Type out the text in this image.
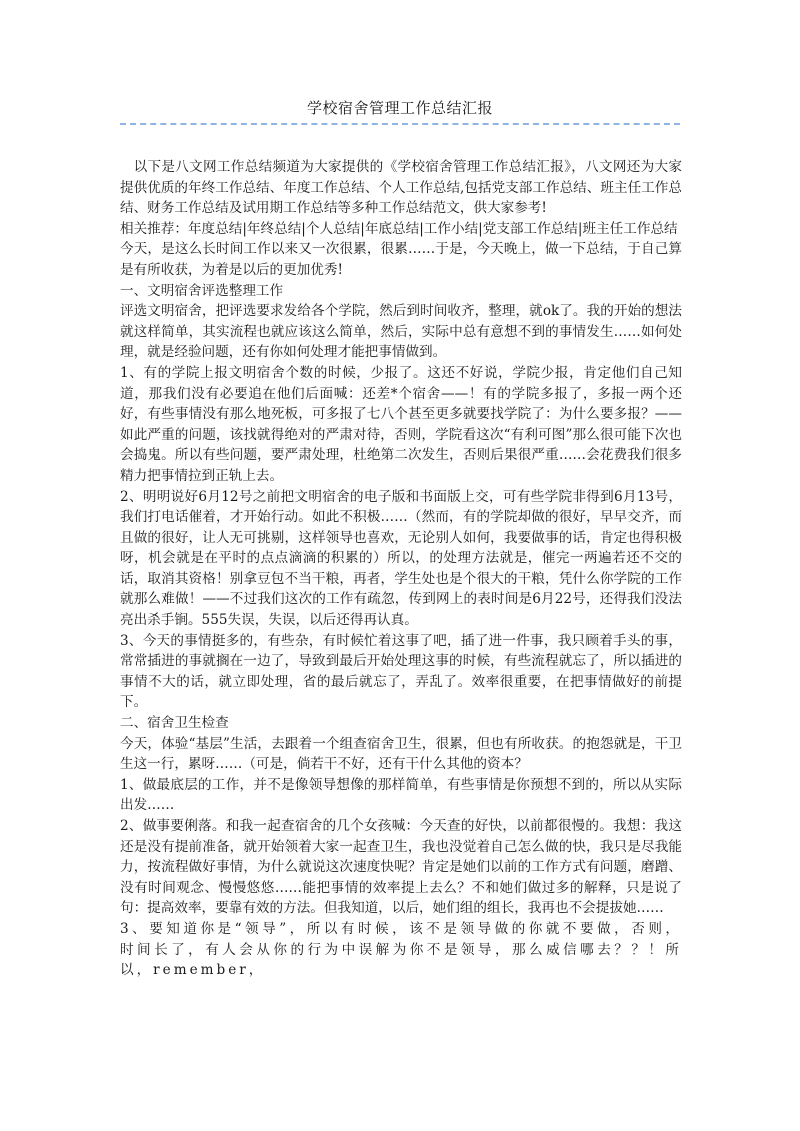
学校宿舍管理工作总结汇报

以下是八文网工作总结频道为大家提供的《学校宿舍管理工作总结汇报》，八文网还为大家提供优质的年终工作总结、年度工作总结、个人工作总结,包括党支部工作总结、班主任工作总结、财务工作总结及试用期工作总结等多种工作总结范文，供大家参考!

相关推荐：年度总结|年终总结|个人总结|年底总结|工作小结|党支部工作总结|班主任工作总结

今天，是这么长时间工作以来又一次很累，很累……于是，今天晚上，做一下总结，于自己算是有所收获，为着是以后的更加优秀!

一、文明宿舍评选整理工作

评选文明宿舍，把评选要求发给各个学院，然后到时间收齐，整理，就ok了。我的开始的想法就这样简单，其实流程也就应该这么简单，然后，实际中总有意想不到的事情发生……如何处理，就是经验问题，还有你如何处理才能把事情做到。

1、有的学院上报文明宿舍个数的时候，少报了。这还不好说，学院少报，肯定他们自己知道，那我们没有必要追在他们后面喊：还差*个宿舍——！有的学院多报了，多报一两个还好，有些事情没有那么地死板，可多报了七八个甚至更多就要找学院了：为什么要多报？——如此严重的问题，该找就得绝对的严肃对待，否则，学院看这次“有利可图”那么很可能下次也会捣鬼。所以有些问题，要严肃处理，杜绝第二次发生，否则后果很严重……会花费我们很多精力把事情拉到正轨上去。

2、明明说好6月12号之前把文明宿舍的电子版和书面版上交，可有些学院非得到6月13号，我们打电话催着，才开始行动。如此不积极……（然而，有的学院却做的很好，早早交齐，而且做的很好，让人无可挑剔，这样领导也喜欢，无论别人如何，我要做事的话，肯定也得积极呀，机会就是在平时的点点滴滴的积累的）所以，的处理方法就是，催完一两遍若还不交的话，取消其资格！别拿豆包不当干粮，再者，学生处也是个很大的干粮，凭什么你学院的工作就那么难做！——不过我们这次的工作有疏忽，传到网上的表时间是6月22号，还得我们没法亮出杀手锏。555失误，失误，以后还得再认真。

3、今天的事情挺多的，有些杂，有时候忙着这事了吧，插了进一件事，我只顾着手头的事，常常插进的事就搁在一边了，导致到最后开始处理这事的时候，有些流程就忘了，所以插进的事情不大的话，就立即处理，省的最后就忘了，弄乱了。效率很重要，在把事情做好的前提下。

二、宿舍卫生检查

今天，体验“基层”生活，去跟着一个组查宿舍卫生，很累，但也有所收获。的抱怨就是，干卫生这一行，累呀……（可是，倘若干不好，还有干什么其他的资本？

1、做最底层的工作，并不是像领导想像的那样简单，有些事情是你预想不到的，所以从实际出发……

2、做事要俐落。和我一起查宿舍的几个女孩喊：今天查的好快，以前都很慢的。我想：我这还是没有提前准备，就开始领着大家一起查卫生，我也没觉着自己怎么做的快，我只是尽我能力，按流程做好事情，为什么就说这次速度快呢？肯定是她们以前的工作方式有问题，磨蹭、没有时间观念、慢慢悠悠……能把事情的效率提上去么？不和她们做过多的解释，只是说了句：提高效率，要靠有效的方法。但我知道，以后，她们组的组长，我再也不会提拔她……

3、要知道你是“领导”，所以有时候，该不是领导做的你就不要做，否则，时间长了，有人会从你的行为中误解为你不是领导，那么威信哪去？？！所以，remember，
